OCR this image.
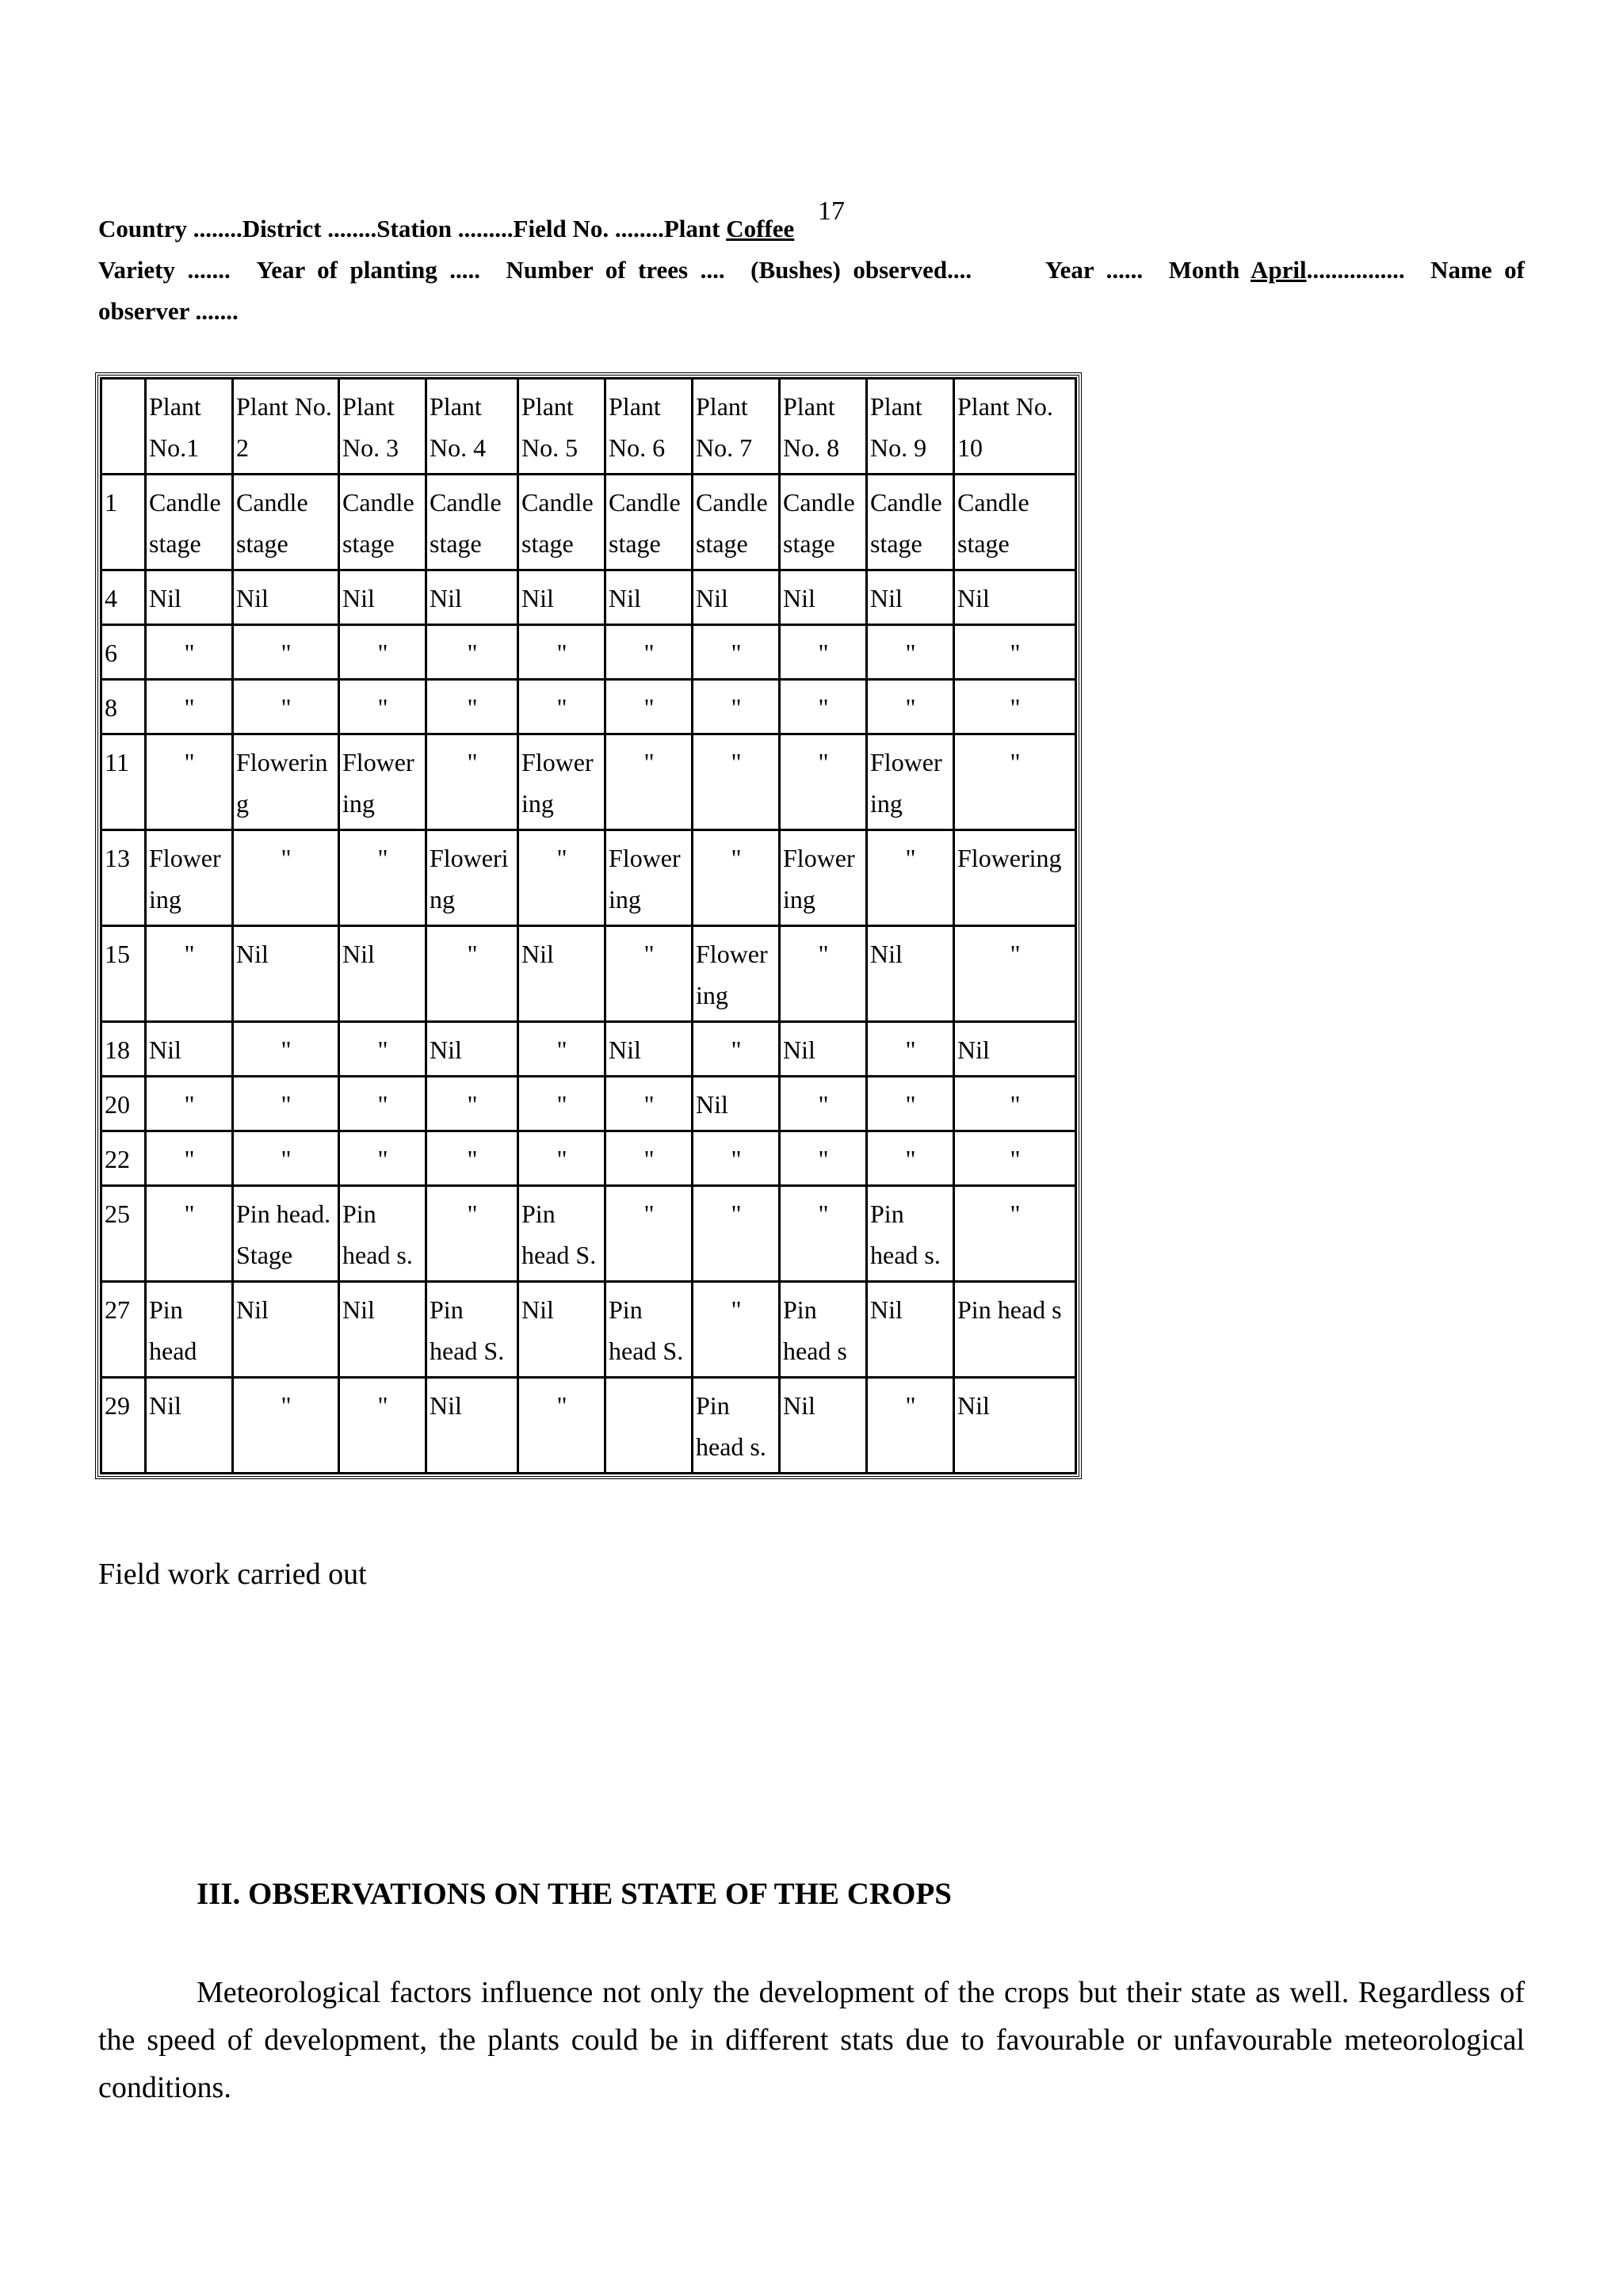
17
Country ........District ........Station .........Field No. ........Plant Coffee
Variety  ....... Year  of  planting  ..... Number  of  trees  .... (Bushes)  observed....	Year  ...... Month  April................ Name  of
observer .......
	Plant No.1	Plant No. 2	Plant No. 3	Plant No. 4	Plant No. 5	Plant No. 6	Plant No. 7	Plant No. 8	Plant No. 9	Plant No. 10
1	Candle stage	Candle stage	Candle stage	Candle stage	Candle stage	Candle stage	Candle stage	Candle stage	Candle stage	Candle stage
4	Nil	Nil	Nil	Nil	Nil	Nil	Nil	Nil	Nil	Nil
6	"	"	"	"	"	"	"	"	"	"
8	"	"	"	"	"	"	"	"	"	"
11	"	Flowerin g	Flower ing	"	Flower ing	"	"	"	Flower ing	"
13	Flower ing	"	"	Floweri ng	"	Flower ing	"	Flower ing	"	Flowering
15	"	Nil	Nil	"	Nil	"	Flower ing	"	Nil	"
18	Nil	"	"	Nil	"	Nil	"	Nil	"	Nil
20	"	"	"	"	"	"	Nil	"	"	"
22	"	"	"	"	"	"	"	"	"	"
25	"	Pin head. Stage	Pin head s.	"	Pin head S.	"	"	"	Pin head s.	"
27	Pin head	Nil	Nil	Pin head S.	Nil	Pin head S.	"	Pin head s	Nil	Pin head s
29	Nil	"	"	Nil	"		Pin head s.	Nil	"	Nil
Field work carried out
III. OBSERVATIONS ON THE STATE OF THE CROPS
Meteorological factors influence not only the development of the crops but their state as well. Regardless of the speed of development, the plants could be in different stats due to favourable or unfavourable meteorological conditions.
